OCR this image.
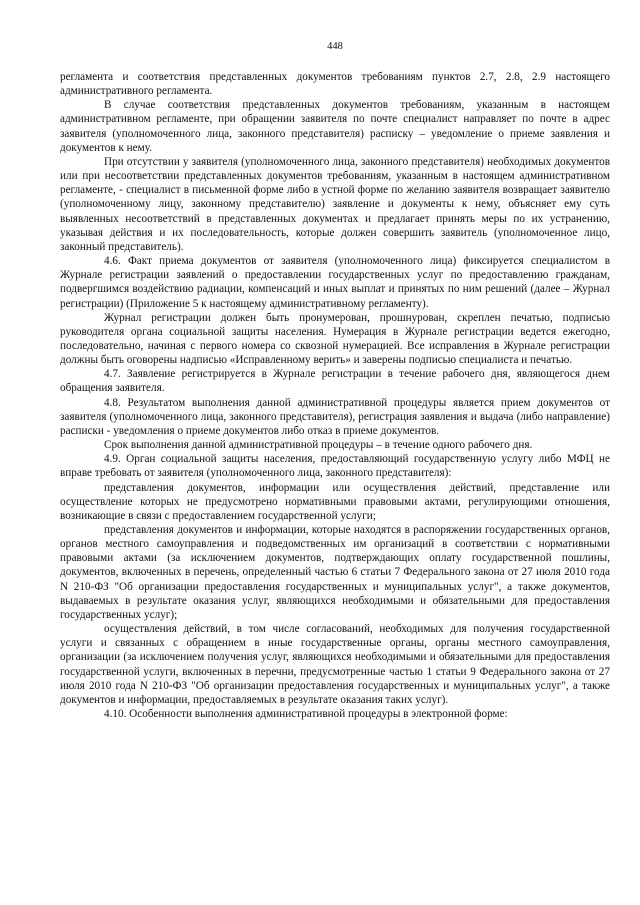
448

регламента и соответствия представленных документов требованиям пунктов 2.7, 2.8, 2.9 настоящего административного регламента.

В случае соответствия представленных документов требованиям, указанным в настоящем административном регламенте, при обращении заявителя по почте специалист направляет по почте в адрес заявителя (уполномоченного лица, законного представителя) расписку – уведомление о приеме заявления и документов к нему.

При отсутствии у заявителя (уполномоченного лица, законного представителя) необходимых документов или при несоответствии представленных документов требованиям, указанным в настоящем административном регламенте, - специалист в письменной форме либо в устной форме по желанию заявителя возвращает заявителю (уполномоченному лицу, законному представителю) заявление и документы к нему, объясняет ему суть выявленных несоответствий в представленных документах и предлагает принять меры по их устранению, указывая действия и их последовательность, которые должен совершить заявитель (уполномоченное лицо, законный представитель).

4.6. Факт приема документов от заявителя (уполномоченного лица) фиксируется специалистом в Журнале регистрации заявлений о предоставлении государственных услуг по предоставлению гражданам, подвергшимся воздействию радиации, компенсаций и иных выплат и принятых по ним решений (далее – Журнал регистрации) (Приложение 5 к настоящему административному регламенту).

Журнал регистрации должен быть пронумерован, прошнурован, скреплен печатью, подписью руководителя органа социальной защиты населения. Нумерация в Журнале регистрации ведется ежегодно, последовательно, начиная с первого номера со сквозной нумерацией. Все исправления в Журнале регистрации должны быть оговорены надписью «Исправленному верить» и заверены подписью специалиста и печатью.

4.7. Заявление регистрируется в Журнале регистрации в течение рабочего дня, являющегося днем обращения заявителя.

4.8. Результатом выполнения данной административной процедуры является прием документов от заявителя (уполномоченного лица, законного представителя), регистрация заявления и выдача (либо направление) расписки - уведомления о приеме документов либо отказ в приеме документов.

Срок выполнения данной административной процедуры – в течение одного рабочего дня.

4.9. Орган социальной защиты населения, предоставляющий государственную услугу либо МФЦ не вправе требовать от заявителя (уполномоченного лица, законного представителя):

представления документов, информации или осуществления действий, представление или осуществление которых не предусмотрено нормативными правовыми актами, регулирующими отношения, возникающие в связи с предоставлением государственной услуги;

представления документов и информации, которые находятся в распоряжении государственных органов, органов местного самоуправления и подведомственных им организаций в соответствии с нормативными правовыми актами (за исключением документов, подтверждающих оплату государственной пошлины, документов, включенных в перечень, определенный частью 6 статьи 7 Федерального закона от 27 июля 2010 года N 210-ФЗ "Об организации предоставления государственных и муниципальных услуг", а также документов, выдаваемых в результате оказания услуг, являющихся необходимыми и обязательными для предоставления государственных услуг);

осуществления действий, в том числе согласований, необходимых для получения государственной услуги и связанных с обращением в иные государственные органы, органы местного самоуправления, организации (за исключением получения услуг, являющихся необходимыми и обязательными для предоставления государственной услуги, включенных в перечни, предусмотренные частью 1 статьи 9 Федерального закона от 27 июля 2010 года N 210-ФЗ "Об организации предоставления государственных и муниципальных услуг", а также документов и информации, предоставляемых в результате оказания таких услуг).

4.10. Особенности выполнения административной процедуры в электронной форме:
